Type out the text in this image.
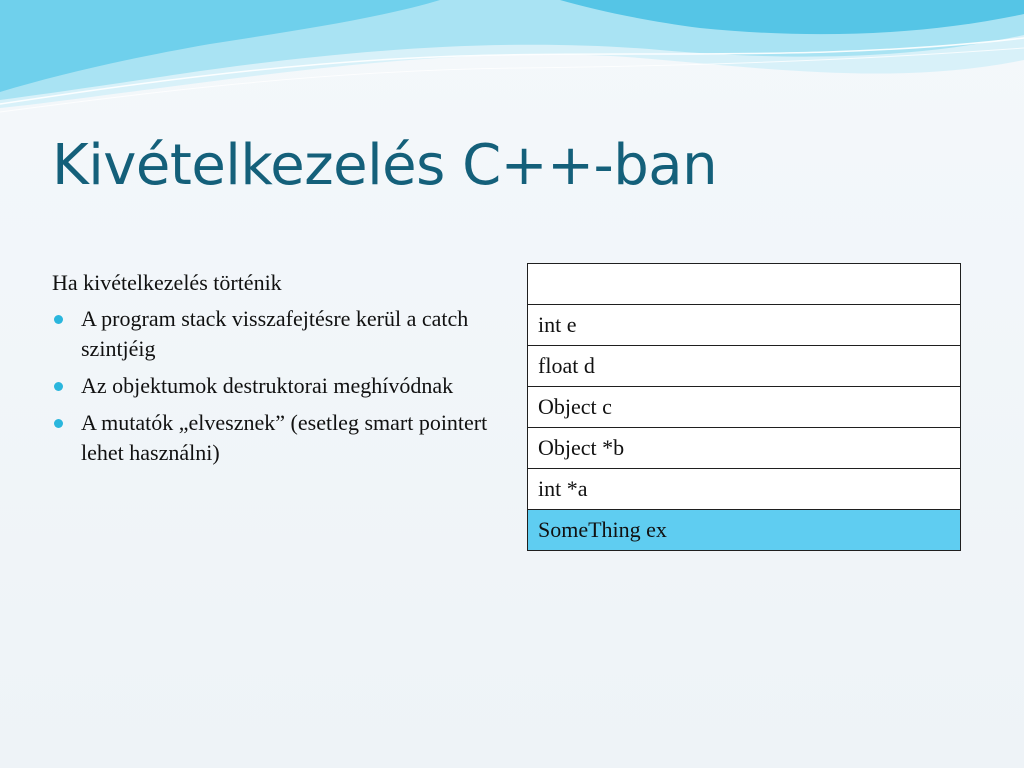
Kivételkezelés C++-ban

Ha kivételkezelés történik

A program stack visszafejtésre kerül a catch szintjéig
Az objektumok destruktorai meghívódnak
A mutatók „elvesznek” (esetleg smart pointert lehet használni)

int e
float d
Object c
Object *b
int *a
SomeThing ex
